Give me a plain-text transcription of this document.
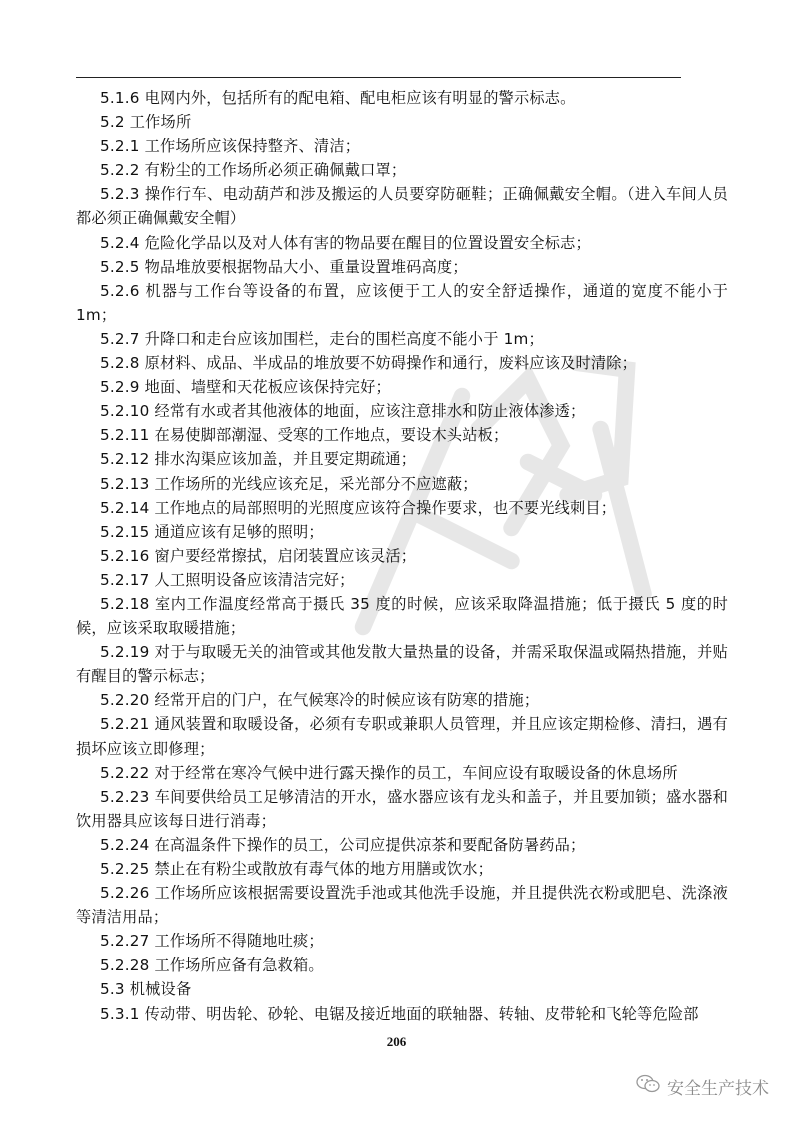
5.1.6 电网内外，包括所有的配电箱、配电柜应该有明显的警示标志。

5.2 工作场所

5.2.1 工作场所应该保持整齐、清洁；

5.2.2 有粉尘的工作场所必须正确佩戴口罩；

5.2.3 操作行车、电动葫芦和涉及搬运的人员要穿防砸鞋；正确佩戴安全帽。（进入车间人员都必须正确佩戴安全帽）

5.2.4 危险化学品以及对人体有害的物品要在醒目的位置设置安全标志；

5.2.5 物品堆放要根据物品大小、重量设置堆码高度；

5.2.6 机器与工作台等设备的布置，应该便于工人的安全舒适操作，通道的宽度不能小于1m；

5.2.7 升降口和走台应该加围栏，走台的围栏高度不能小于 1m；

5.2.8 原材料、成品、半成品的堆放要不妨碍操作和通行，废料应该及时清除；

5.2.9 地面、墙壁和天花板应该保持完好；

5.2.10 经常有水或者其他液体的地面，应该注意排水和防止液体渗透；

5.2.11 在易使脚部潮湿、受寒的工作地点，要设木头站板；

5.2.12 排水沟渠应该加盖，并且要定期疏通；

5.2.13 工作场所的光线应该充足，采光部分不应遮蔽；

5.2.14 工作地点的局部照明的光照度应该符合操作要求，也不要光线刺目；

5.2.15 通道应该有足够的照明；

5.2.16 窗户要经常擦拭，启闭装置应该灵活；

5.2.17 人工照明设备应该清洁完好；

5.2.18 室内工作温度经常高于摄氏 35 度的时候，应该采取降温措施；低于摄氏 5 度的时候，应该采取取暖措施；

5.2.19 对于与取暖无关的油管或其他发散大量热量的设备，并需采取保温或隔热措施，并贴有醒目的警示标志；

5.2.20 经常开启的门户，在气候寒冷的时候应该有防寒的措施；

5.2.21 通风装置和取暖设备，必须有专职或兼职人员管理，并且应该定期检修、清扫，遇有损坏应该立即修理；

5.2.22 对于经常在寒冷气候中进行露天操作的员工，车间应设有取暖设备的休息场所

5.2.23 车间要供给员工足够清洁的开水，盛水器应该有龙头和盖子，并且要加锁；盛水器和饮用器具应该每日进行消毒；

5.2.24 在高温条件下操作的员工，公司应提供凉茶和要配备防暑药品；

5.2.25 禁止在有粉尘或散放有毒气体的地方用膳或饮水；

5.2.26 工作场所应该根据需要设置洗手池或其他洗手设施，并且提供洗衣粉或肥皂、洗涤液等清洁用品；

5.2.27 工作场所不得随地吐痰；

5.2.28 工作场所应备有急救箱。

5.3 机械设备

5.3.1 传动带、明齿轮、砂轮、电锯及接近地面的联轴器、转轴、皮带轮和飞轮等危险部

206
安全生产技术
